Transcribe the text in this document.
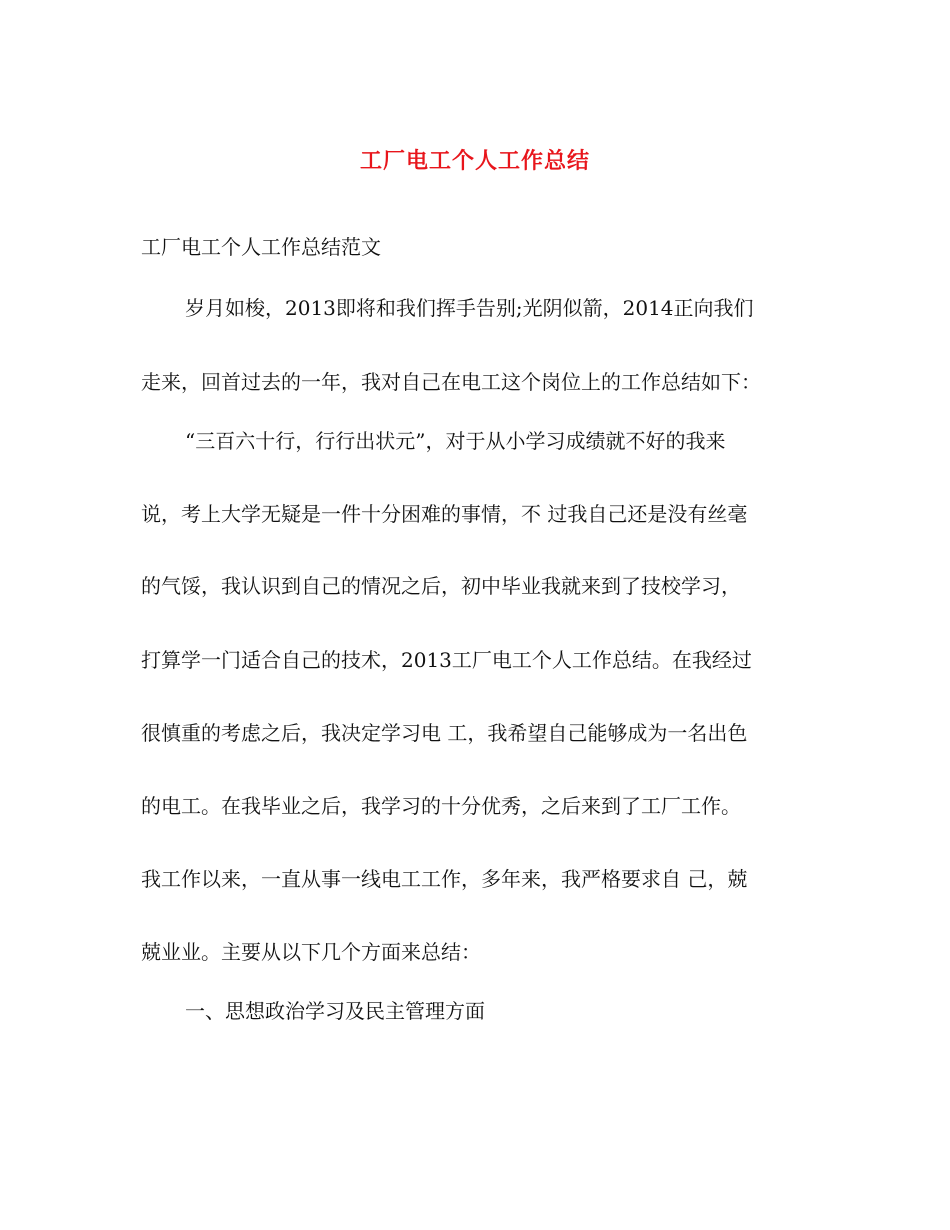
工厂电工个人工作总结
工厂电工个人工作总结范文
岁月如梭，2013即将和我们挥手告别;光阴似箭，2014正向我们
走来，回首过去的一年，我对自己在电工这个岗位上的工作总结如下：
“三百六十行，行行出状元”，对于从小学习成绩就不好的我来
说，考上大学无疑是一件十分困难的事情，不 过我自己还是没有丝毫
的气馁，我认识到自己的情况之后，初中毕业我就来到了技校学习，
打算学一门适合自己的技术，2013工厂电工个人工作总结。在我经过
很慎重的考虑之后，我决定学习电 工，我希望自己能够成为一名出色
的电工。在我毕业之后，我学习的十分优秀，之后来到了工厂工作。
我工作以来，一直从事一线电工工作，多年来，我严格要求自 己，兢
兢业业。主要从以下几个方面来总结：
一、思想政治学习及民主管理方面
